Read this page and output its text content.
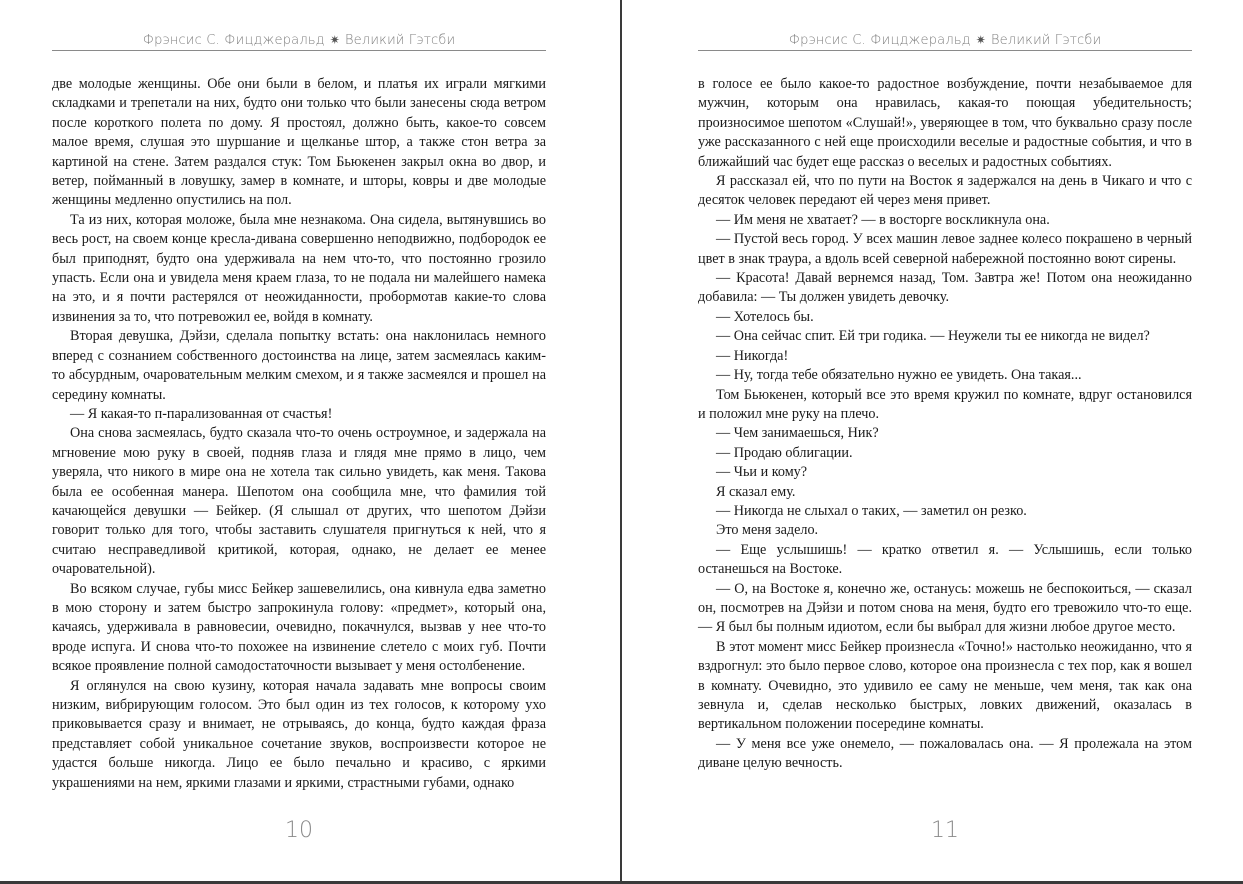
Фрэнсис С. Фицджеральд ✷ Великий Гэтсби

две молодые женщины. Обе они были в белом, и платья их играли мягкими складками и трепетали на них, будто они только что были занесены сюда ветром после короткого полета по дому. Я простоял, должно быть, какое-то совсем малое время, слушая это шуршание и щелканье штор, а также стон ветра за картиной на стене. Затем раздался стук: Том Бьюкенен закрыл окна во двор, и ветер, пойманный в ловушку, замер в комнате, и шторы, ковры и две молодые женщины медленно опустились на пол.

Та из них, которая моложе, была мне незнакома. Она сидела, вытянувшись во весь рост, на своем конце кресла-дивана совершенно неподвижно, подбородок ее был приподнят, будто она удерживала на нем что-то, что постоянно грозило упасть. Если она и увидела меня краем глаза, то не подала ни малейшего намека на это, и я почти растерялся от неожиданности, пробормотав какие-то слова извинения за то, что потревожил ее, войдя в комнату.

Вторая девушка, Дэйзи, сделала попытку встать: она наклонилась немного вперед с сознанием собственного достоинства на лице, затем засмеялась каким-то абсурдным, очаровательным мелким смехом, и я также засмеялся и прошел на середину комнаты.

— Я какая-то п-парализованная от счастья!

Она снова засмеялась, будто сказала что-то очень остроумное, и задержала на мгновение мою руку в своей, подняв глаза и глядя мне прямо в лицо, чем уверяла, что никого в мире она не хотела так сильно увидеть, как меня. Такова была ее особенная манера. Шепотом она сообщила мне, что фамилия той качающейся девушки — Бейкер. (Я слышал от других, что шепотом Дэйзи говорит только для того, чтобы заставить слушателя пригнуться к ней, что я считаю несправедливой критикой, которая, однако, не делает ее менее очаровательной).

Во всяком случае, губы мисс Бейкер зашевелились, она кивнула едва заметно в мою сторону и затем быстро запрокинула голову: «предмет», который она, качаясь, удерживала в равновесии, очевидно, покачнулся, вызвав у нее что-то вроде испуга. И снова что-то похожее на извинение слетело с моих губ. Почти всякое проявление полной самодостаточности вызывает у меня остолбенение.

Я оглянулся на свою кузину, которая начала задавать мне вопросы своим низким, вибрирующим голосом. Это был один из тех голосов, к которому ухо приковывается сразу и внимает, не отрываясь, до конца, будто каждая фраза представляет собой уникальное сочетание звуков, воспроизвести которое не удастся больше никогда. Лицо ее было печально и красиво, с яркими украшениями на нем, яркими глазами и яркими, страстными губами, однако

10
Фрэнсис С. Фицджеральд ✷ Великий Гэтсби

в голосе ее было какое-то радостное возбуждение, почти незабываемое для мужчин, которым она нравилась, какая-то поющая убедительность; произносимое шепотом «Слушай!», уверяющее в том, что буквально сразу после уже рассказанного с ней еще происходили веселые и радостные события, и что в ближайший час будет еще рассказ о веселых и радостных событиях.

Я рассказал ей, что по пути на Восток я задержался на день в Чикаго и что с десяток человек передают ей через меня привет.

— Им меня не хватает? — в восторге воскликнула она.

— Пустой весь город. У всех машин левое заднее колесо покрашено в черный цвет в знак траура, а вдоль всей северной набережной постоянно воют сирены.

— Красота! Давай вернемся назад, Том. Завтра же! Потом она неожиданно добавила: — Ты должен увидеть девочку.

— Хотелось бы.

— Она сейчас спит. Ей три годика. — Неужели ты ее никогда не видел?

— Никогда!

— Ну, тогда тебе обязательно нужно ее увидеть. Она такая...

Том Бьюкенен, который все это время кружил по комнате, вдруг остановился и положил мне руку на плечо.

— Чем занимаешься, Ник?

— Продаю облигации.

— Чьи и кому?

Я сказал ему.

— Никогда не слыхал о таких, — заметил он резко.

Это меня задело.

— Еще услышишь! — кратко ответил я. — Услышишь, если только останешься на Востоке.

— О, на Востоке я, конечно же, останусь: можешь не беспокоиться, — сказал он, посмотрев на Дэйзи и потом снова на меня, будто его тревожило что-то еще. — Я был бы полным идиотом, если бы выбрал для жизни любое другое место.

В этот момент мисс Бейкер произнесла «Точно!» настолько неожиданно, что я вздрогнул: это было первое слово, которое она произнесла с тех пор, как я вошел в комнату. Очевидно, это удивило ее саму не меньше, чем меня, так как она зевнула и, сделав несколько быстрых, ловких движений, оказалась в вертикальном положении посередине комнаты.

— У меня все уже онемело, — пожаловалась она. — Я пролежала на этом диване целую вечность.

11
